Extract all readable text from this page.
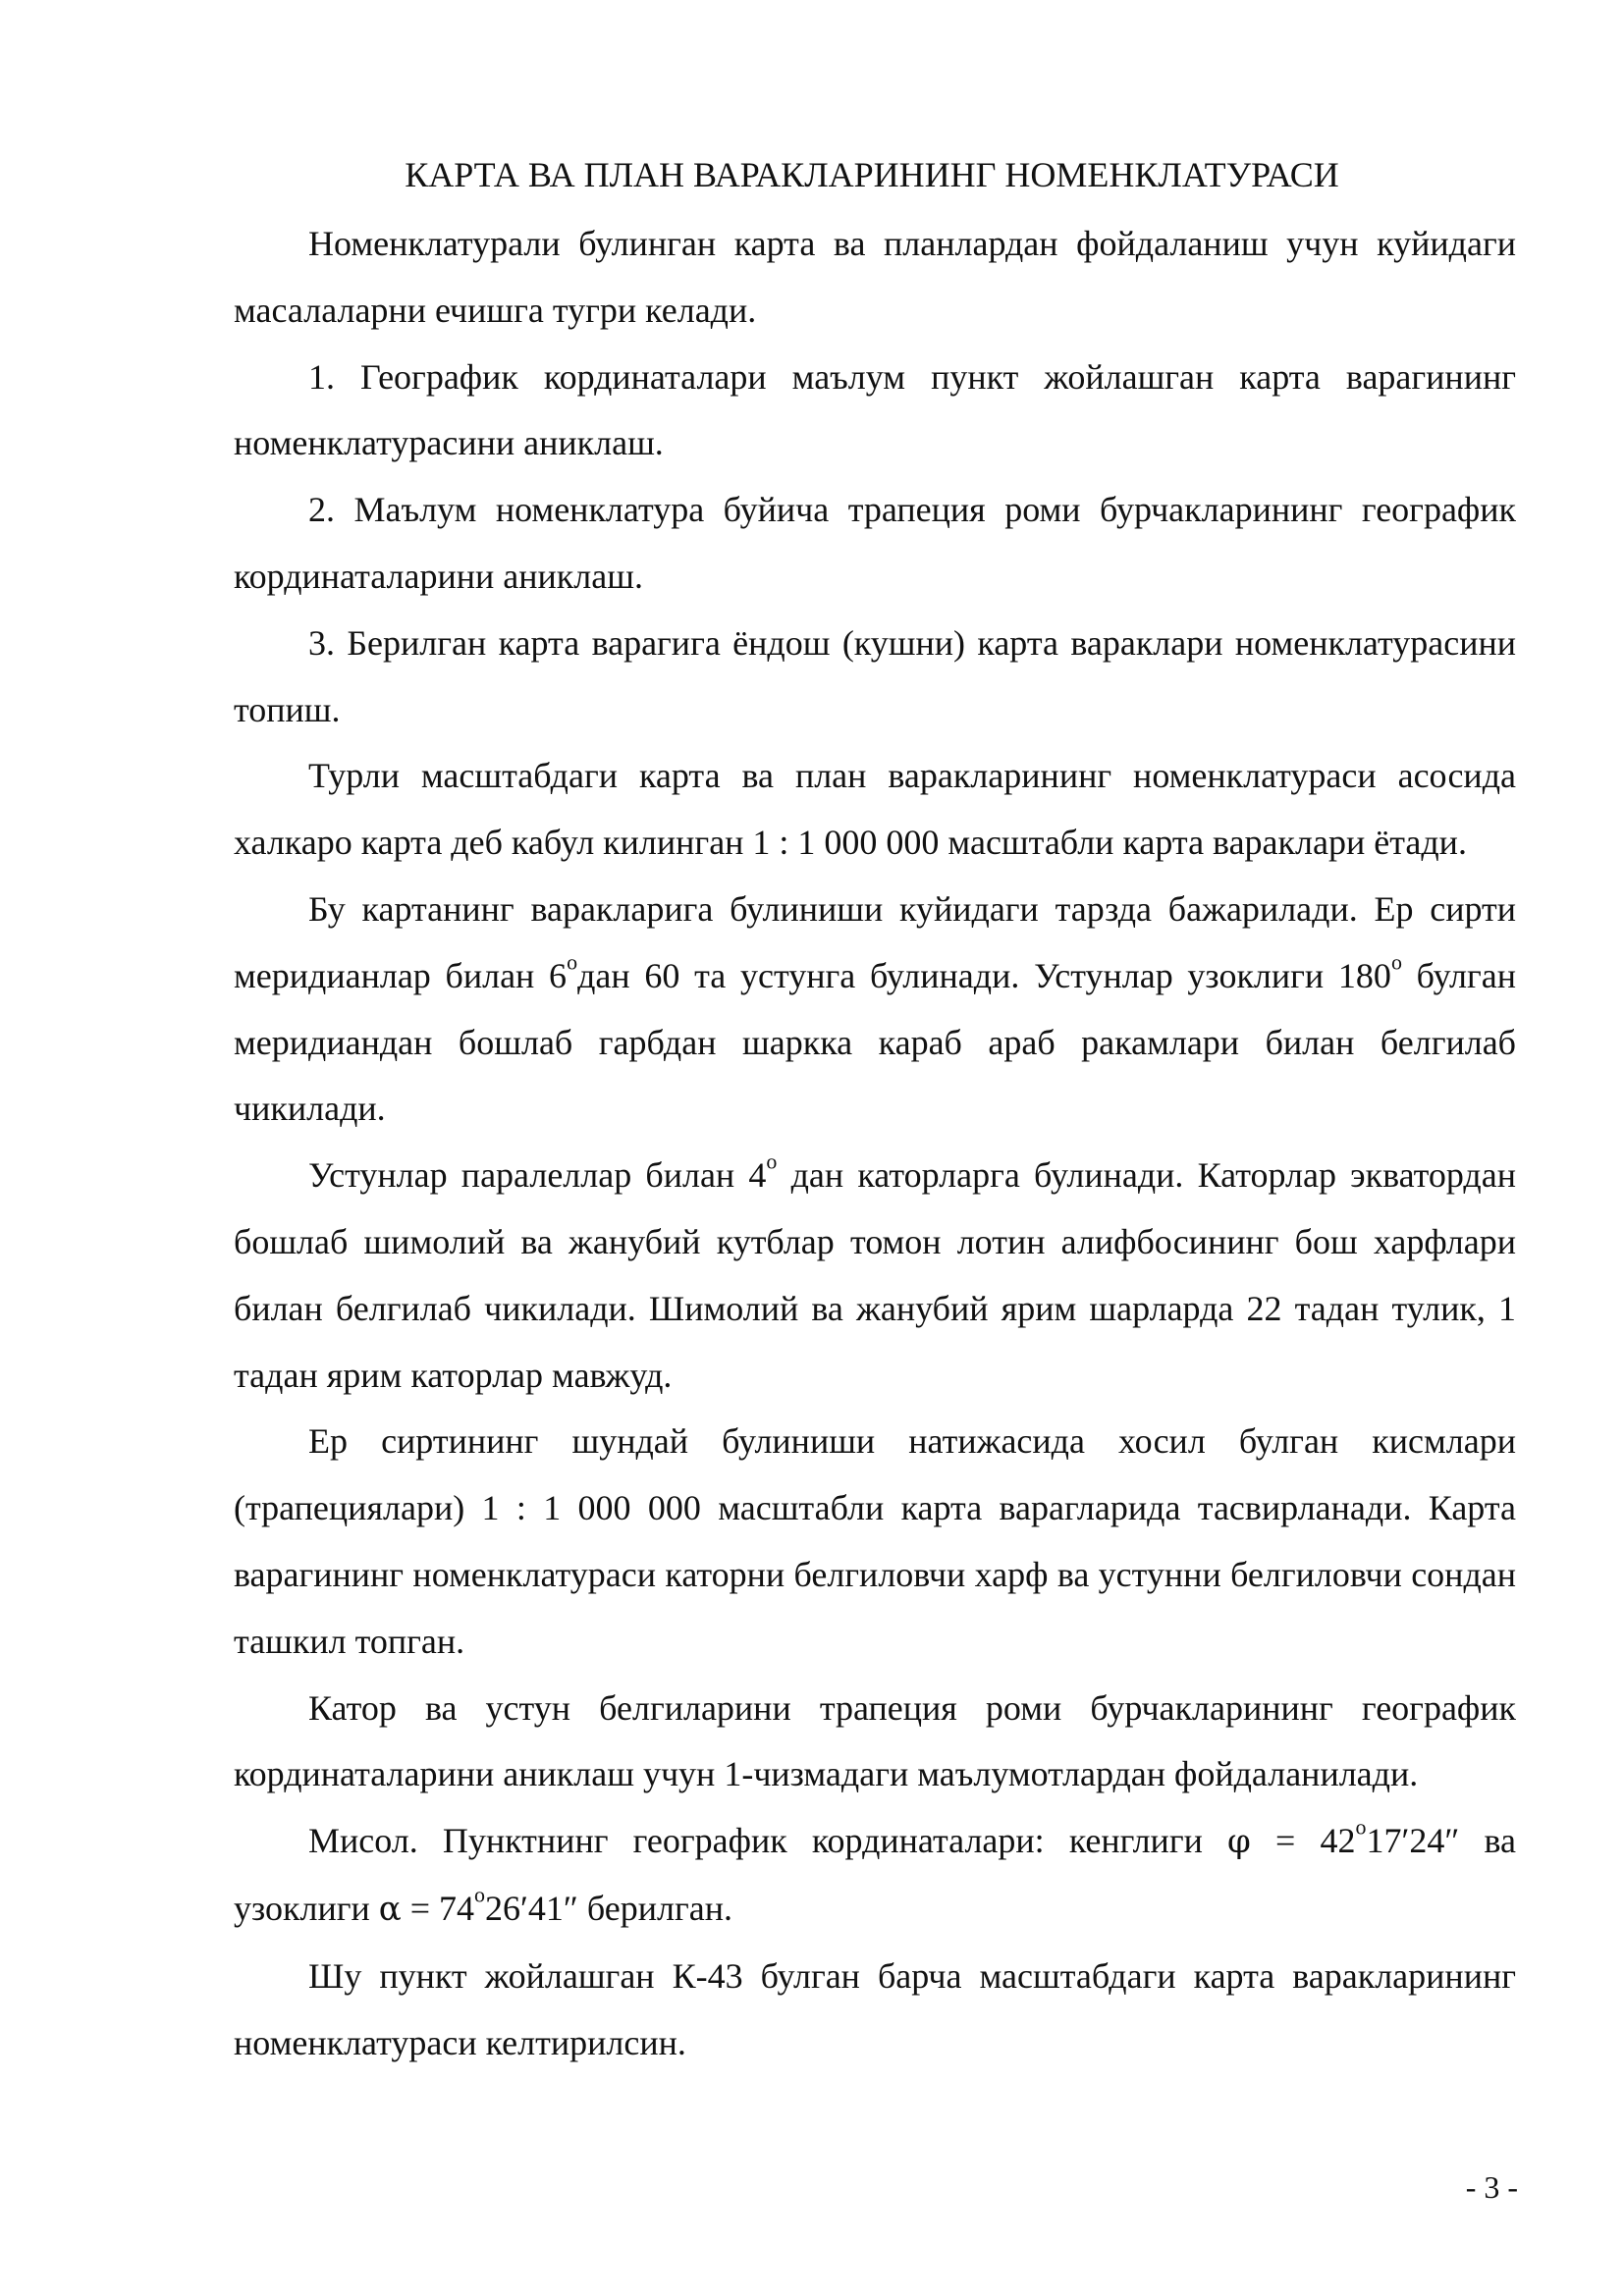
КАРТА ВА ПЛАН ВАРАКЛАРИНИНГ НОМЕНКЛАТУРАСИ

Номенклатурали булинган карта ва планлардан фойдаланиш учун куйидаги масалаларни ечишга тугри келади.

1. Географик кординаталари маълум пункт жойлашган карта варагининг номенклатурасини аниклаш.

2. Маълум номенклатура буйича трапеция роми бурчакларининг географик кординаталарини аниклаш.

3. Берилган карта варагига ёндош (кушни) карта вараклари номенклатурасини топиш.

Турли масштабдаги карта ва план варакларининг номенклатураси асосида халкаро карта деб кабул килинган 1 : 1 000 000 масштабли карта вараклари ётади.

Бу картанинг варакларига булиниши куйидаги тарзда бажарилади. Ер сирти меридианлар билан 6$^o$дан 60 та устунга булинади. Устунлар узоклиги 180$^o$ булган меридиандан бошлаб гарбдан шаркка караб араб ракамлари билан белгилаб чикилади.

Устунлар паралеллар билан 4$^o$ дан каторларга булинади. Каторлар экватордан бошлаб шимолий ва жанубий кутблар томон лотин алифбосининг бош харфлари билан белгилаб чикилади. Шимолий ва жанубий ярим шарларда 22 тадан тулик, 1 тадан ярим каторлар мавжуд.

Ер сиртининг шундай булиниши натижасида хосил булган кисмлари (трапециялари) 1 : 1 000 000 масштабли карта варагларида тасвирланади. Карта варагининг номенклатураси каторни белгиловчи харф ва устунни белгиловчи сондан ташкил топган.

Катор ва устун белгиларини трапеция роми бурчакларининг географик кординаталарини аниклаш учун 1-чизмадаги маълумотлардан фойдаланилади.

Мисол. Пунктнинг географик кординаталари: кенглиги $\varphi = 42^o17'24''$ ва узоклиги $\alpha = 74^o26'41''$ берилган.

Шу пункт жойлашган К-43 булган барча масштабдаги карта варакларининг номенклатураси келтирилсин.

- 3 -
